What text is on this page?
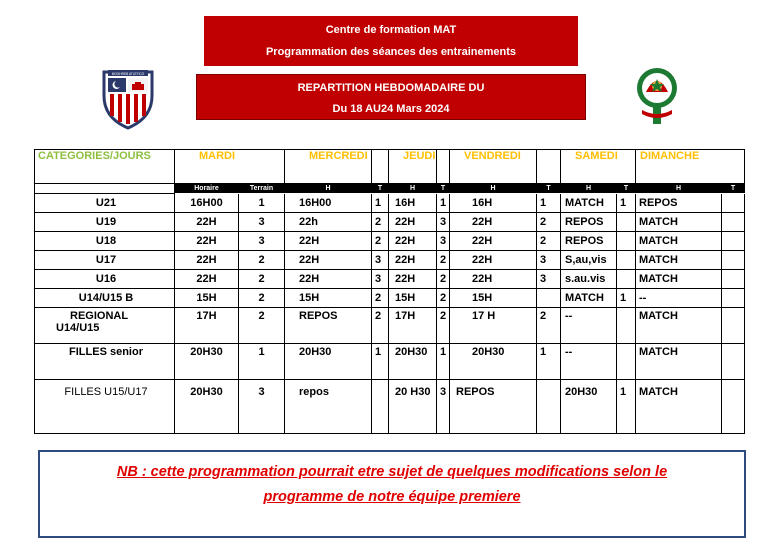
Centre de formation MAT
Programmation des séances des entrainements
REPARTITION HEBDOMADAIRE DU
Du 18 AU24 Mars 2024
MOGHREB ATLETICO
CATEGORIES/JOURS	MARDI		MERCREDI		JEUDI		VENDREDI		SAMEDI		DIMANCHE	
	Horaire	Terrain	H	T	H	T	H	T	H	T	H	T
U21	16H00	1	16H00	1	16H	1	16H	1	MATCH	1	REPOS	
U19	22H	3	22h	2	22H	3	22H	2	REPOS		MATCH	
U18	22H	3	22H	2	22H	3	22H	2	REPOS		MATCH	
U17	22H	2	22H	3	22H	2	22H	3	S,au,vis		MATCH	
U16	22H	2	22H	3	22H	2	22H	3	s.au.vis		MATCH	
U14/U15 B	15H	2	15H	2	15H	2	15H		MATCH	1	--	

REGIONAL
U14/U15	17H	2	REPOS	2	17H	2	17 H	2	--		MATCH	
FILLES senior	20H30	1	20H30	1	20H30	1	20H30	1	--		MATCH	
FILLES U15/U17	20H30	3	repos		20 H30	3	REPOS		20H30	1	MATCH	

NB : cette programmation pourrait etre sujet de quelques modifications selon le
programme de notre équipe premiere
